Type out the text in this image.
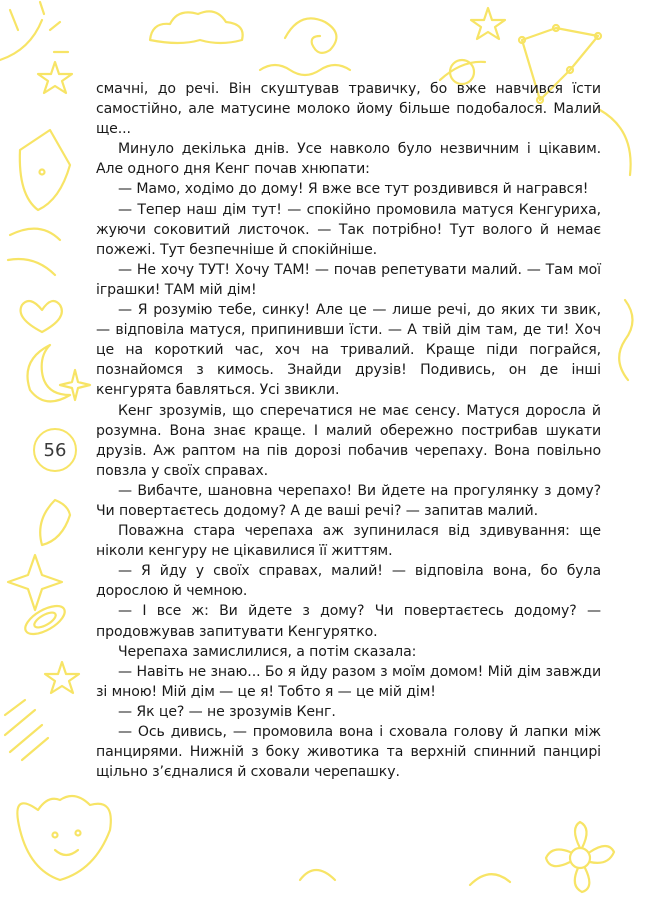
56

смачні, до речі. Він скуштував травичку, бо вже навчився їсти самостійно, але матусине молоко йому більше подобалося. Малий ще...

Минуло декілька днів. Усе навколо було незвичним і цікавим. Але одного дня Кенг почав хнюпати:

— Мамо, ходімо до дому! Я вже все тут роздивився й награвся!

— Тепер наш дім тут! — спокійно промовила матуся Кенгуриха, жуючи соковитий листочок. — Так потрібно! Тут волого й немає пожежі. Тут безпечніше й спокійніше.

— Не хочу ТУТ! Хочу ТАМ! — почав репетувати малий. — Там мої іграшки! ТАМ мій дім!

— Я розумію тебе, синку! Але це — лише речі, до яких ти звик, — відповіла матуся, припинивши їсти. — А твій дім там, де ти! Хоч це на короткий час, хоч на тривалий. Краще піди пограйся, познайомся з кимось. Знайди друзів! Подивись, он де інші кенгурята бавляться. Усі звикли.

Кенг зрозумів, що сперечатися не має сенсу. Матуся доросла й розумна. Вона знає краще. І малий обережно пострибав шукати друзів. Аж раптом на пів дорозі побачив черепаху. Вона повільно повзла у своїх справах.

— Вибачте, шановна черепахо! Ви йдете на прогулянку з дому? Чи повертаєтесь додому? А де ваші речі? — запитав малий.

Поважна стара черепаха аж зупинилася від здивування: ще ніколи кенгуру не цікавилися її життям.

— Я йду у своїх справах, малий! — відповіла вона, бо була дорослою й чемною.

— І все ж: Ви йдете з дому? Чи повертаєтесь додому? — продовжував запитувати Кенгурятко.

Черепаха замислилися, а потім сказала:

— Навіть не знаю... Бо я йду разом з моїм домом! Мій дім завжди зі мною! Мій дім — це я! Тобто я — це мій дім!

— Як це? — не зрозумів Кенг.

— Ось дивись, — промовила вона і сховала голову й лапки між панцирями. Нижній з боку животика та верхній спинний панцирі щільно з’єдналися й сховали черепашку.
